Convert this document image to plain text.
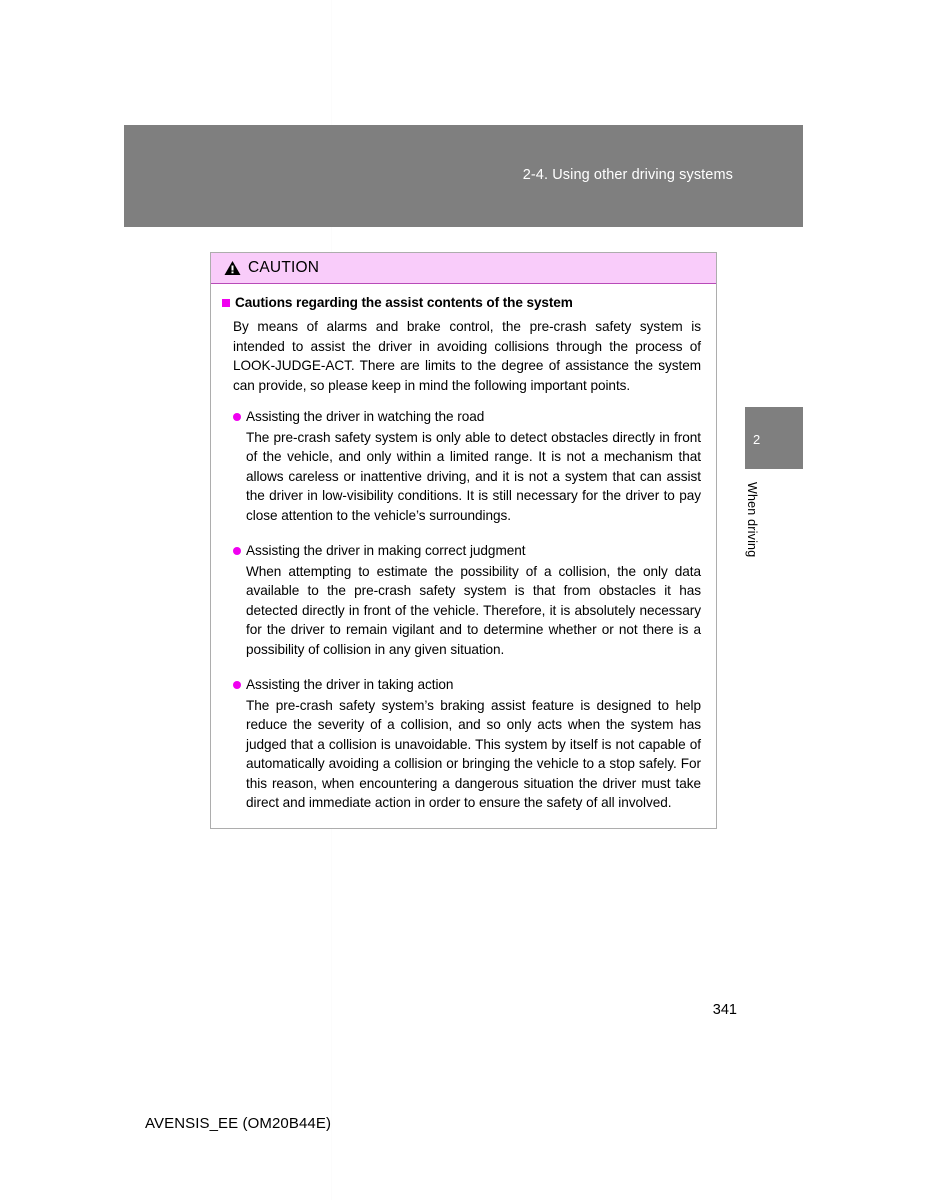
2-4. Using other driving systems
CAUTION
Cautions regarding the assist contents of the system

By means of alarms and brake control, the pre-crash safety system is intended to assist the driver in avoiding collisions through the process of LOOK-JUDGE-ACT. There are limits to the degree of assistance the system can provide, so please keep in mind the following important points.

Assisting the driver in watching the road
The pre-crash safety system is only able to detect obstacles directly in front of the vehicle, and only within a limited range. It is not a mechanism that allows careless or inattentive driving, and it is not a system that can assist the driver in low-visibility conditions. It is still necessary for the driver to pay close attention to the vehicle’s surroundings.
Assisting the driver in making correct judgment
When attempting to estimate the possibility of a collision, the only data available to the pre-crash safety system is that from obstacles it has detected directly in front of the vehicle. Therefore, it is absolutely necessary for the driver to remain vigilant and to determine whether or not there is a possibility of collision in any given situation.
Assisting the driver in taking action
The pre-crash safety system’s braking assist feature is designed to help reduce the severity of a collision, and so only acts when the system has judged that a collision is unavoidable. This system by itself is not capable of automatically avoiding a collision or bringing the vehicle to a stop safely. For this reason, when encountering a dangerous situation the driver must take direct and immediate action in order to ensure the safety of all involved.
2
When driving
341
AVENSIS_EE (OM20B44E)
